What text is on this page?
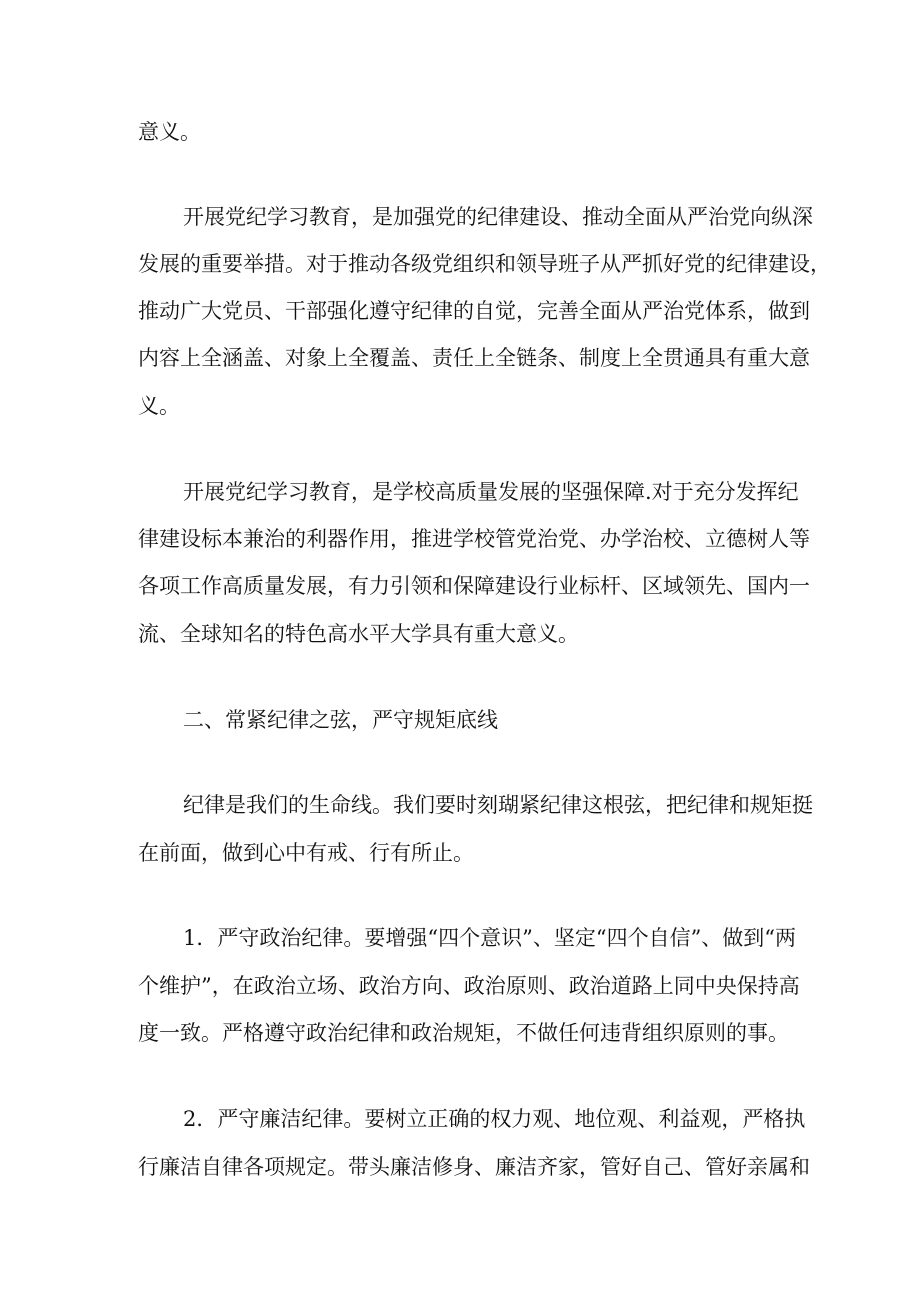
意义。
开展党纪学习教育，是加强党的纪律建设、推动全面从严治党向纵深
发展的重要举措。对于推动各级党组织和领导班子从严抓好党的纪律建设，
推动广大党员、干部强化遵守纪律的自觉，完善全面从严治党体系，做到
内容上全涵盖、对象上全覆盖、责任上全链条、制度上全贯通具有重大意
义。
开展党纪学习教育，是学校高质量发展的坚强保障.对于充分发挥纪
律建设标本兼治的利器作用，推进学校管党治党、办学治校、立德树人等
各项工作高质量发展，有力引领和保障建设行业标杆、区域领先、国内一
流、全球知名的特色高水平大学具有重大意义。
二、常紧纪律之弦，严守规矩底线
纪律是我们的生命线。我们要时刻瑚紧纪律这根弦，把纪律和规矩挺
在前面，做到心中有戒、行有所止。
1．严守政治纪律。要增强“四个意识”、坚定“四个自信”、做到“两
个维护”，在政治立场、政治方向、政治原则、政治道路上同中央保持高
度一致。严格遵守政治纪律和政治规矩，不做任何违背组织原则的事。
2．严守廉洁纪律。要树立正确的权力观、地位观、利益观，严格执
行廉洁自律各项规定。带头廉洁修身、廉洁齐家，管好自己、管好亲属和
